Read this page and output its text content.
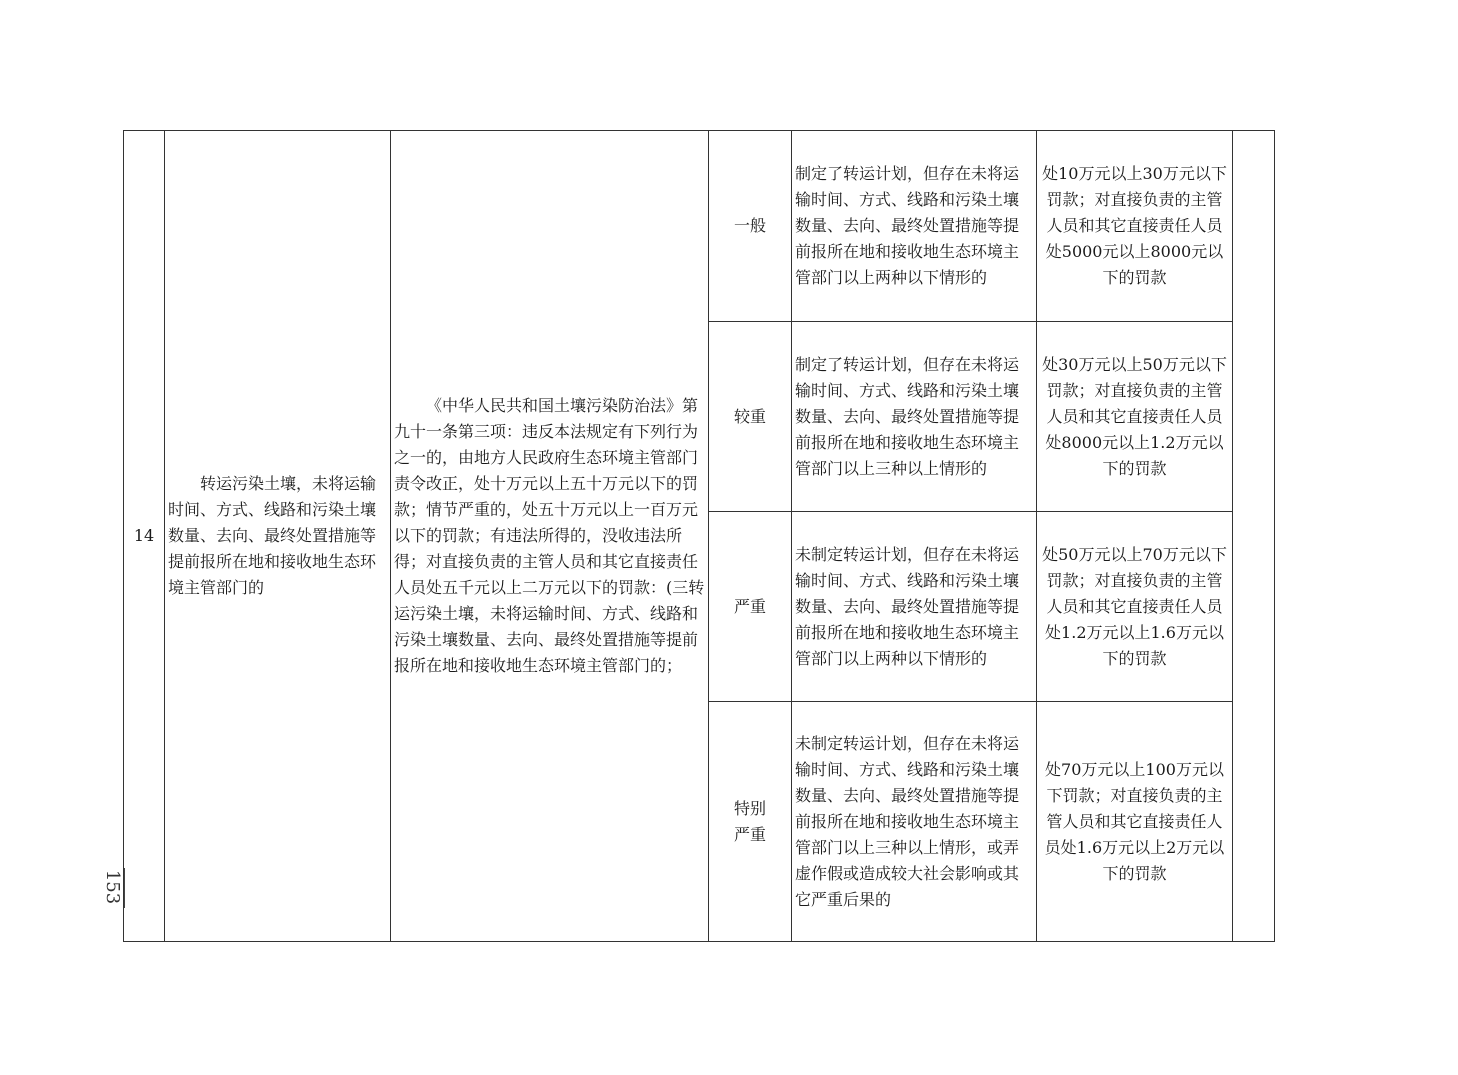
14	转运污染土壤，未将运输时间、方式、线路和污染土壤数量、去向、最终处置措施等提前报所在地和接收地生态环境主管部门的	《中华人民共和国土壤污染防治法》第九十一条第三项：违反本法规定有下列行为之一的，由地方人民政府生态环境主管部门责令改正，处十万元以上五十万元以下的罚款；情节严重的，处五十万元以上一百万元以下的罚款；有违法所得的，没收违法所得；对直接负责的主管人员和其它直接责任人员处五千元以上二万元以下的罚款：(三转运污染土壤，未将运输时间、方式、线路和污染土壤数量、去向、最终处置措施等提前报所在地和接收地生态环境主管部门的；	一般	制定了转运计划，但存在未将运输时间、方式、线路和污染土壤数量、去向、最终处置措施等提前报所在地和接收地生态环境主管部门以上两种以下情形的	处10万元以上30万元以下罚款；对直接负责的主管人员和其它直接责任人员处5000元以上8000元以下的罚款	
			较重	制定了转运计划，但存在未将运输时间、方式、线路和污染土壤数量、去向、最终处置措施等提前报所在地和接收地生态环境主管部门以上三种以上情形的	处30万元以上50万元以下罚款；对直接负责的主管人员和其它直接责任人员处8000元以上1.2万元以下的罚款	
			严重	未制定转运计划，但存在未将运输时间、方式、线路和污染土壤数量、去向、最终处置措施等提前报所在地和接收地生态环境主管部门以上两种以下情形的	处50万元以上70万元以下罚款；对直接负责的主管人员和其它直接责任人员处1.2万元以上1.6万元以下的罚款	
			特别严重	未制定转运计划，但存在未将运输时间、方式、线路和污染土壤数量、去向、最终处置措施等提前报所在地和接收地生态环境主管部门以上三种以上情形，或弄虚作假或造成较大社会影响或其它严重后果的	处70万元以上100万元以下罚款；对直接负责的主管人员和其它直接责任人员处1.6万元以上2万元以下的罚款	
153
